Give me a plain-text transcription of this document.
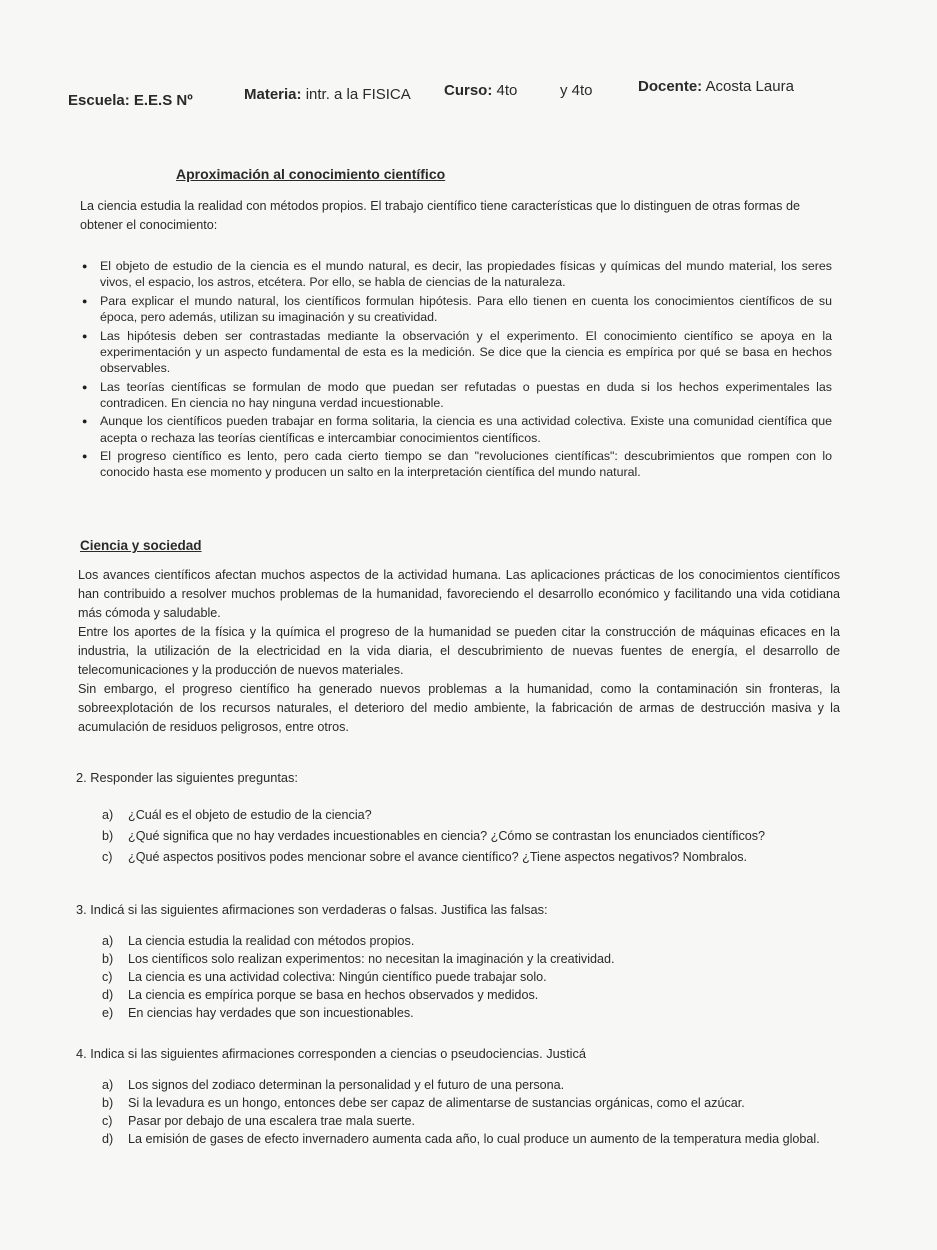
Escuela: E.E.S Nº	Materia: intr. a la FISICA Curso: 4to	y 4to	Docente: Acosta Laura
Aproximación al conocimiento científico
La ciencia estudia la realidad con métodos propios. El trabajo científico tiene características que lo distinguen de otras formas de obtener el conocimiento:
● El objeto de estudio de la ciencia es el mundo natural, es decir, las propiedades físicas y químicas del mundo material, los seres vivos, el espacio, los astros, etcétera. Por ello, se habla de ciencias de la naturaleza.
● Para explicar el mundo natural, los científicos formulan hipótesis. Para ello tienen en cuenta los conocimientos científicos de su época, pero además, utilizan su imaginación y su creatividad.
● Las hipótesis deben ser contrastadas mediante la observación y el experimento. El conocimiento científico se apoya en la experimentación y un aspecto fundamental de esta es la medición. Se dice que la ciencia es empírica por qué se basa en hechos observables.
● Las teorías científicas se formulan de modo que puedan ser refutadas o puestas en duda si los hechos experimentales las contradicen. En ciencia no hay ninguna verdad incuestionable.
● Aunque los científicos pueden trabajar en forma solitaria, la ciencia es una actividad colectiva. Existe una comunidad científica que acepta o rechaza las teorías científicas e intercambiar conocimientos científicos.
● El progreso científico es lento, pero cada cierto tiempo se dan "revoluciones científicas": descubrimientos que rompen con lo conocido hasta ese momento y producen un salto en la interpretación científica del mundo natural.
Ciencia y sociedad
Los avances científicos afectan muchos aspectos de la actividad humana. Las aplicaciones prácticas de los conocimientos científicos han contribuido a resolver muchos problemas de la humanidad, favoreciendo el desarrollo económico y facilitando una vida cotidiana más cómoda y saludable.
Entre los aportes de la física y la química el progreso de la humanidad se pueden citar la construcción de máquinas eficaces en la industria, la utilización de la electricidad en la vida diaria, el descubrimiento de nuevas fuentes de energía, el desarrollo de telecomunicaciones y la producción de nuevos materiales.
Sin embargo, el progreso científico ha generado nuevos problemas a la humanidad, como la contaminación sin fronteras, la sobreexplotación de los recursos naturales, el deterioro del medio ambiente, la fabricación de armas de destrucción masiva y la acumulación de residuos peligrosos, entre otros.
2. Responder las siguientes preguntas:
a) ¿Cuál es el objeto de estudio de la ciencia?
b) ¿Qué significa que no hay verdades incuestionables en ciencia? ¿Cómo se contrastan los enunciados científicos?
c) ¿Qué aspectos positivos podes mencionar sobre el avance científico? ¿Tiene aspectos negativos? Nombralos.
3. Indicá si las siguientes afirmaciones son verdaderas o falsas. Justifica las falsas:
a) La ciencia estudia la realidad con métodos propios.
b) Los científicos solo realizan experimentos: no necesitan la imaginación y la creatividad.
c) La ciencia es una actividad colectiva: Ningún científico puede trabajar solo.
d) La ciencia es empírica porque se basa en hechos observados y medidos.
e) En ciencias hay verdades que son incuestionables.
4. Indica si las siguientes afirmaciones corresponden a ciencias o pseudociencias. Justicá
a) Los signos del zodiaco determinan la personalidad y el futuro de una persona.
b) Si la levadura es un hongo, entonces debe ser capaz de alimentarse de sustancias orgánicas, como el azúcar.
c) Pasar por debajo de una escalera trae mala suerte.
d) La emisión de gases de efecto invernadero aumenta cada año, lo cual produce un aumento de la temperatura media global.
